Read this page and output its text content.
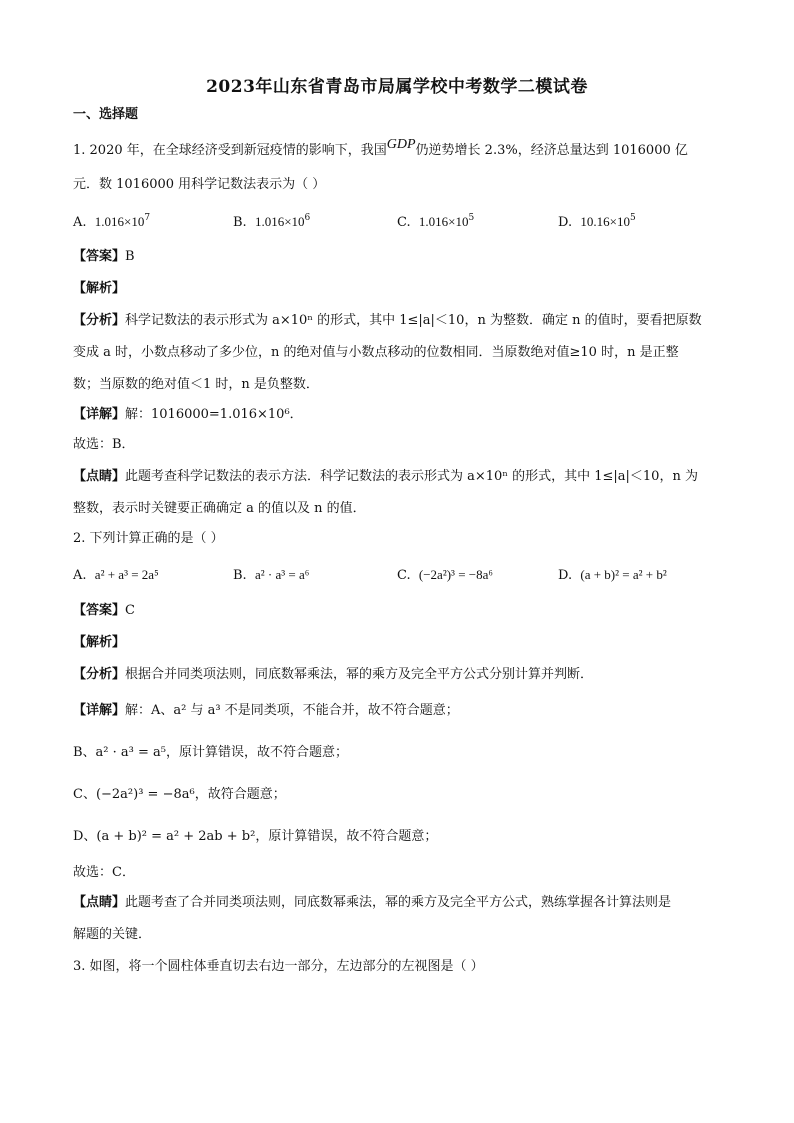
2023年山东省青岛市局属学校中考数学二模试卷
一、选择题
1. 2020 年，在全球经济受到新冠疫情的影响下，我国GDP仍逆势增长 2.3%，经济总量达到 1016000 亿
元．数 1016000 用科学记数法表示为（ ）
A. $1.016\times 10^7$	B. $1.016\times 10^6$	C. $1.016\times 10^5$	D. $10.16\times 10^5$
【答案】B
【解析】
【分析】科学记数法的表示形式为 a×10ⁿ 的形式，其中 1≤|a|＜10，n 为整数．确定 n 的值时，要看把原数
变成 a 时，小数点移动了多少位，n 的绝对值与小数点移动的位数相同．当原数绝对值≥10 时，n 是正整
数；当原数的绝对值＜1 时，n 是负整数．
【详解】解：1016000=1.016×10⁶．
故选：B．
【点睛】此题考查科学记数法的表示方法．科学记数法的表示形式为 a×10ⁿ 的形式，其中 1≤|a|＜10，n 为
整数，表示时关键要正确确定 a 的值以及 n 的值．
2. 下列计算正确的是（ ）
A. a² + a³ = 2a⁵	B. a² · a³ = a⁶	C. (−2a²)³ = −8a⁶	D. (a + b)² = a² + b²
【答案】C
【解析】
【分析】根据合并同类项法则，同底数幂乘法，幂的乘方及完全平方公式分别计算并判断．
【详解】解：A、a² 与 a³ 不是同类项，不能合并，故不符合题意；
B、a² · a³ = a⁵，原计算错误，故不符合题意；
C、(−2a²)³ = −8a⁶，故符合题意；
D、(a + b)² = a² + 2ab + b²，原计算错误，故不符合题意；
故选：C．
【点睛】此题考查了合并同类项法则，同底数幂乘法，幂的乘方及完全平方公式，熟练掌握各计算法则是
解题的关键．
3. 如图，将一个圆柱体垂直切去右边一部分，左边部分的左视图是（ ）
